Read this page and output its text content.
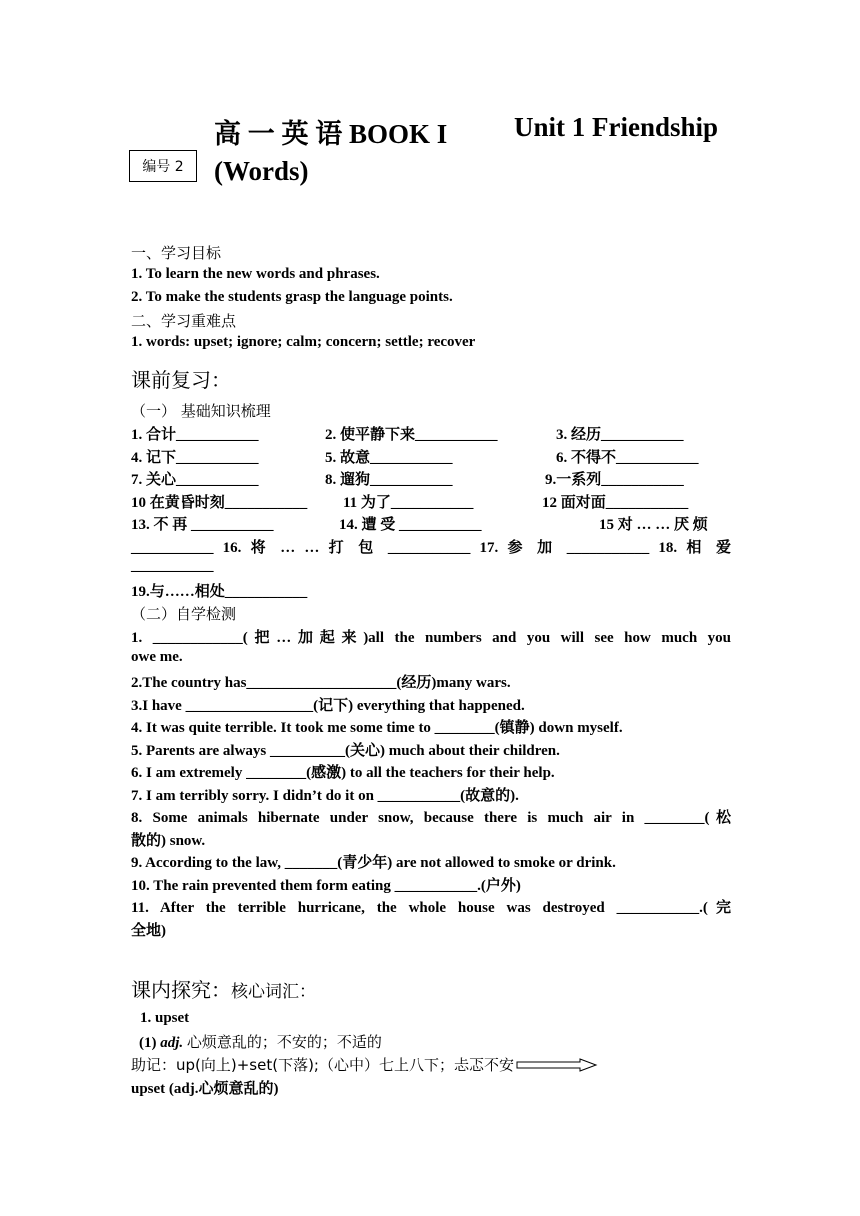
高 一 英 语 BOOK I Unit 1 Friendship
编号 2	(Words)
一、学习目标
1. To learn the new words and phrases.
2. To make the students grasp the language points.
二、学习重难点
1. words: upset; ignore; calm; concern; settle; recover
课前复习：
（一） 基础知识梳理
1. 合计___________	2. 使平静下来___________	3. 经历___________
4. 记下___________	5. 故意___________	6. 不得不___________
7. 关心___________	8. 遛狗___________	9.一系列___________
10 在黄昏时刻___________ 11 为了___________	12 面对面___________
13. 不 再 ___________	14. 遭 受 ___________	15 对 … … 厌 烦
___________ 16. 将 … … 打 包 ___________ 17. 参 加 ___________ 18. 相 爱
___________
19.与……相处___________
（二）自学检测
1. ____________(把…加起来)all the numbers and you will see how much you
owe me.
2.The country has____________________(经历)many wars.
3.I have _________________(记下) everything that happened.
4. It was quite terrible. It took me some time to ________(镇静) down myself.
5. Parents are always __________(关心) much about their children.
6. I am extremely ________(感激) to all the teachers for their help.
7. I am terribly sorry. I didn’t do it on ___________(故意的).
8. Some animals hibernate under snow, because there is much air in ________(松
散的) snow.
9. According to the law, _______(青少年) are not allowed to smoke or drink.
10. The rain prevented them form eating ___________.(户外)
11. After the terrible hurricane, the whole house was destroyed ___________.(完
全地)
课内探究：核心词汇：
1. upset
(1) adj. 心烦意乱的；不安的；不适的
助记：up(向上)+set(下落);（心中）七上八下；忐忑不安
upset (adj.心烦意乱的)
